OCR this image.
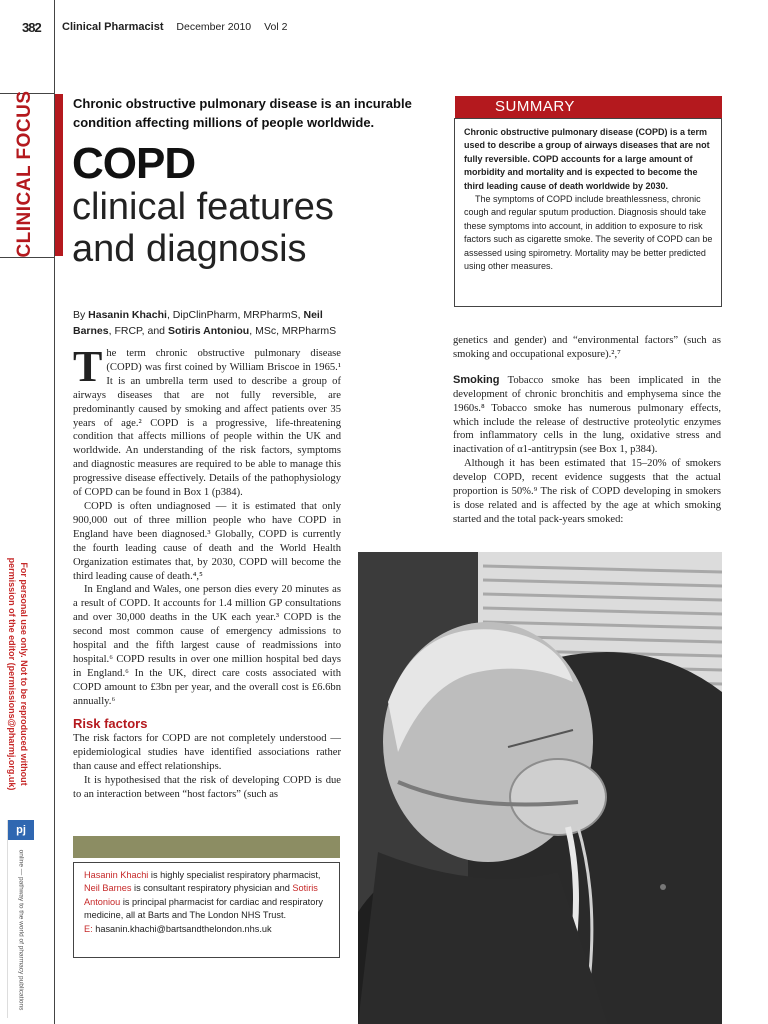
382 Clinical Pharmacist December 2010 Vol 2
CLINICAL FOCUS
For personal use only. Not to be reproduced without
permission of the editor (permissions@pharmj.org.uk)
pj
online — pathway to the world of pharmacy publications
Chronic obstructive pulmonary disease is an incurable condition affecting millions of people worldwide.
COPD
clinical features
and diagnosis
By Hasanin Khachi, DipClinPharm, MRPharmS, Neil Barnes, FRCP, and Sotiris Antoniou, MSc, MRPharmS
SUMMARY

Chronic obstructive pulmonary disease (COPD) is a term used to describe a group of airways diseases that are not fully reversible. COPD accounts for a large amount of morbidity and mortality and is expected to become the third leading cause of death worldwide by 2030.

The symptoms of COPD include breathlessness, chronic cough and regular sputum production. Diagnosis should take these symptoms into account, in addition to exposure to risk factors such as cigarette smoke. The severity of COPD can be assessed using spirometry. Mortality may be better predicted using other measures.

The term chronic obstructive pulmonary disease (COPD) was first coined by William Briscoe in 1965.¹ It is an umbrella term used to describe a group of airways diseases that are not fully reversible, are predominantly caused by smoking and affect patients over 35 years of age.² COPD is a progressive, life-threatening condition that affects millions of people within the UK and worldwide. An understanding of the risk factors, symptoms and diagnostic measures are required to be able to manage this progressive disease effectively. Details of the pathophysiology of COPD can be found in Box 1 (p384).

COPD is often undiagnosed — it is estimated that only 900,000 out of three million people who have COPD in England have been diagnosed.³ Globally, COPD is currently the fourth leading cause of death and the World Health Organization estimates that, by 2030, COPD will become the third leading cause of death.⁴,⁵

In England and Wales, one person dies every 20 minutes as a result of COPD. It accounts for 1.4 million GP consultations and over 30,000 deaths in the UK each year.³ COPD is the second most common cause of emergency admissions to hospital and the fifth largest cause of readmissions into hospital.⁶ COPD results in over one million hospital bed days in England.⁶ In the UK, direct care costs associated with COPD amount to £3bn per year, and the overall cost is £6.6bn annually.⁶

Risk factors

The risk factors for COPD are not completely understood — epidemiological studies have identified associations rather than cause and effect relationships.

It is hypothesised that the risk of developing COPD is due to an interaction between “host factors” (such as

genetics and gender) and “environmental factors” (such as smoking and occupational exposure).²,⁷

Smoking Tobacco smoke has been implicated in the development of chronic bronchitis and emphysema since the 1960s.⁸ Tobacco smoke has numerous pulmonary effects, which include the release of destructive proteolytic enzymes from inflammatory cells in the lung, oxidative stress and inactivation of α1-antitrypsin (see Box 1, p384).

Although it has been estimated that 15–20% of smokers develop COPD, recent evidence suggests that the actual proportion is 50%.⁹ The risk of COPD developing in smokers is dose related and is affected by the age at which smoking started and the total pack-years smoked:

Hasanin Khachi is highly specialist respiratory pharmacist, Neil Barnes is consultant respiratory physician and Sotiris Antoniou is principal pharmacist for cardiac and respiratory medicine, all at Barts and The London NHS Trust.
E: hasanin.khachi@bartsandthelondon.nhs.uk
